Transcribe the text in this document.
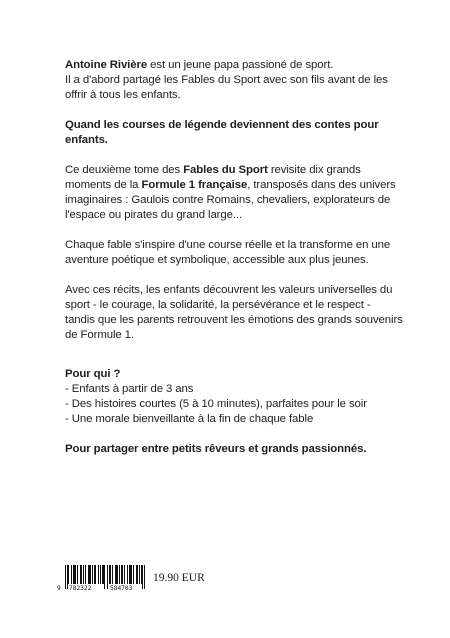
Antoine Rivière est un jeune papa passioné de sport.
Il a d'abord partagé les Fables du Sport avec son fils avant de les offrir à tous les enfants.

Quand les courses de légende deviennent des contes pour enfants.

Ce deuxième tome des Fables du Sport revisite dix grands moments de la Formule 1 française, transposés dans des univers imaginaires : Gaulois contre Romains, chevaliers, explorateurs de l'espace ou pirates du grand large...

Chaque fable s'inspire d'une course réelle et la transforme en une aventure poétique et symbolique, accessible aux plus jeunes.

Avec ces récits, les enfants découvrent les valeurs universelles du sport - le courage, la solidarité, la persévérance et le respect -
tandis que les parents retrouvent les émotions des grands souvenirs de Formule 1.

Pour qui ?
- Enfants à partir de 3 ans
- Des histoires courtes (5 à 10 minutes), parfaites pour le soir
- Une morale bienveillante à la fin de chaque fable

Pour partager entre petits rêveurs et grands passionnés.

9 782322	584703
19.90 EUR
